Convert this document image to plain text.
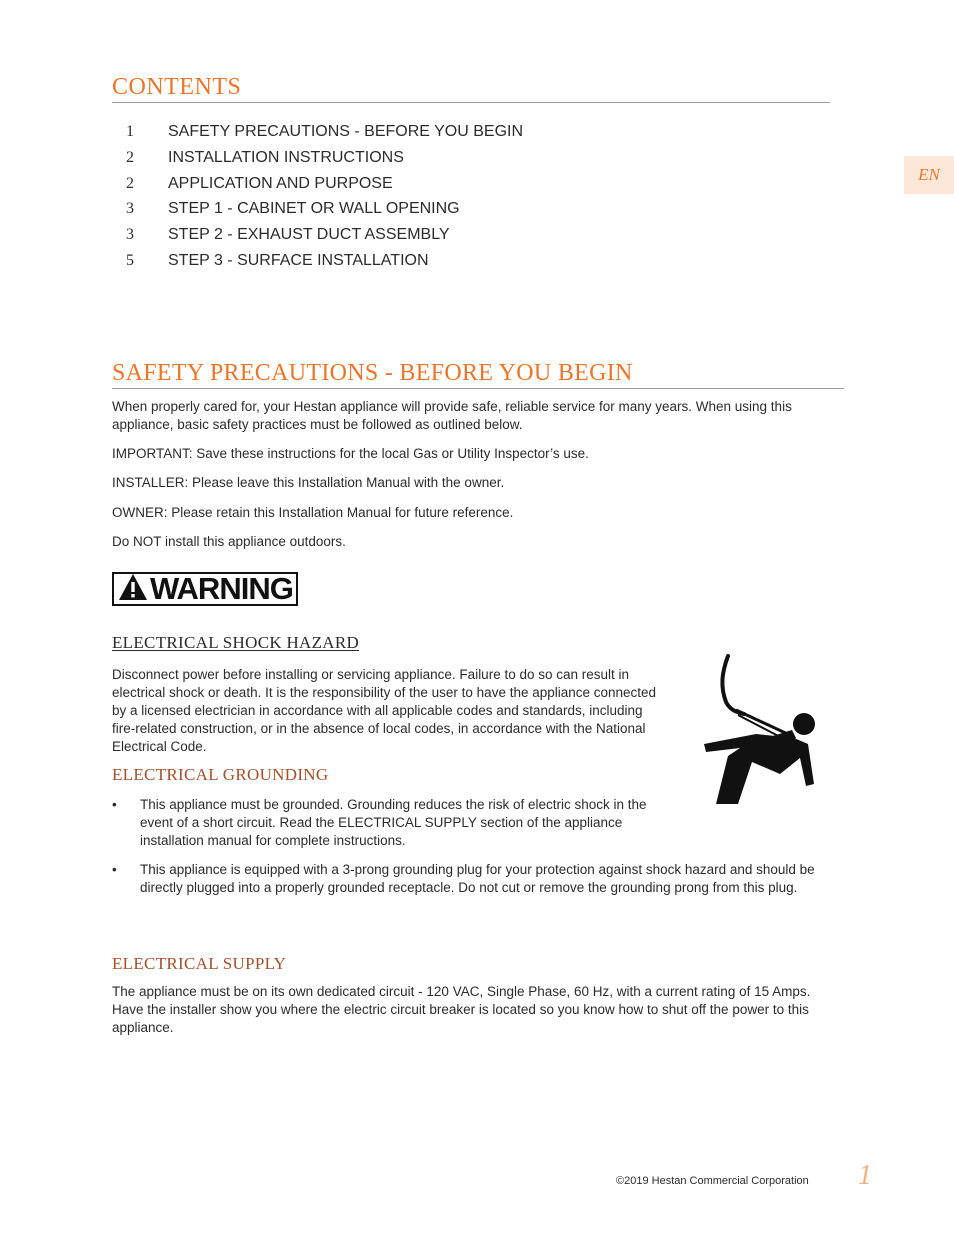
CONTENTS
1	SAFETY PRECAUTIONS - BEFORE YOU BEGIN
2	INSTALLATION INSTRUCTIONS
2	APPLICATION AND PURPOSE
3	STEP 1 - CABINET OR WALL OPENING
3	STEP 2 - EXHAUST DUCT ASSEMBLY
5	STEP 3 - SURFACE INSTALLATION
EN
SAFETY PRECAUTIONS - BEFORE YOU BEGIN

When properly cared for, your Hestan appliance will provide safe, reliable service for many years. When using this appliance, basic safety practices must be followed as outlined below.

IMPORTANT: Save these instructions for the local Gas or Utility Inspector’s use.

INSTALLER: Please leave this Installation Manual with the owner.

OWNER: Please retain this Installation Manual for future reference.

Do NOT install this appliance outdoors.

WARNING
ELECTRICAL SHOCK HAZARD

Disconnect power before installing or servicing appliance. Failure to do so can result in electrical shock or death. It is the responsibility of the user to have the appliance connected by a licensed electrician in accordance with all applicable codes and standards, including fire-related construction, or in the absence of local codes, in accordance with the National Electrical Code.

ELECTRICAL GROUNDING
• This appliance must be grounded. Grounding reduces the risk of electric shock in the event of a short circuit. Read the ELECTRICAL SUPPLY section of the appliance installation manual for complete instructions.
• This appliance is equipped with a 3-prong grounding plug for your protection against shock hazard and should be directly plugged into a properly grounded receptacle. Do not cut or remove the grounding prong from this plug.
ELECTRICAL SUPPLY

The appliance must be on its own dedicated circuit - 120 VAC, Single Phase, 60 Hz, with a current rating of 15 Amps. Have the installer show you where the electric circuit breaker is located so you know how to shut off the power to this appliance.

©2019 Hestan Commercial Corporation 1
